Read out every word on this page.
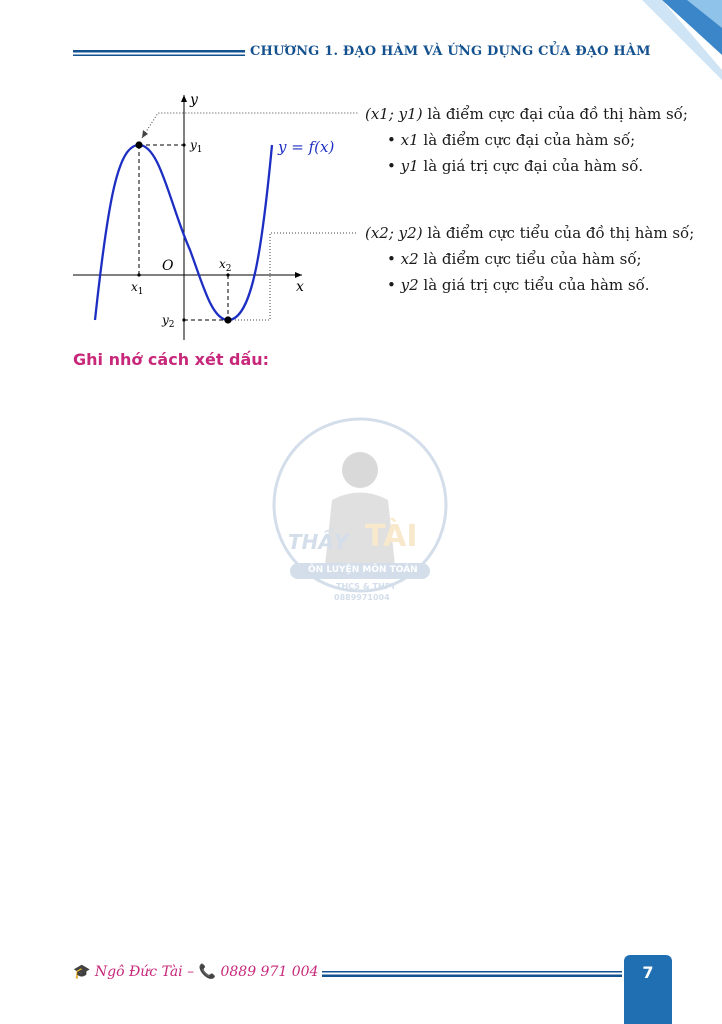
CHƯƠNG 1. ĐẠO HÀM VÀ ỨNG DỤNG CỦA ĐẠO HÀM
y
x
O
$y_1$
$x_1$
$x_2$
$y_2$
y = f(x)
(x1; y1) là điểm cực đại của đồ thị hàm số;
• x1 là điểm cực đại của hàm số;
• y1 là giá trị cực đại của hàm số.
(x2; y2) là điểm cực tiểu của đồ thị hàm số;
• x2 là điểm cực tiểu của hàm số;
• y2 là giá trị cực tiểu của hàm số.
Ghi nhớ cách xét dấu:
THẦY TÀI
ÔN LUYỆN MÔN TOÁN
THCS & THPT
0889971004
🎓 Ngô Đức Tài – 📞 0889 971 004	7
